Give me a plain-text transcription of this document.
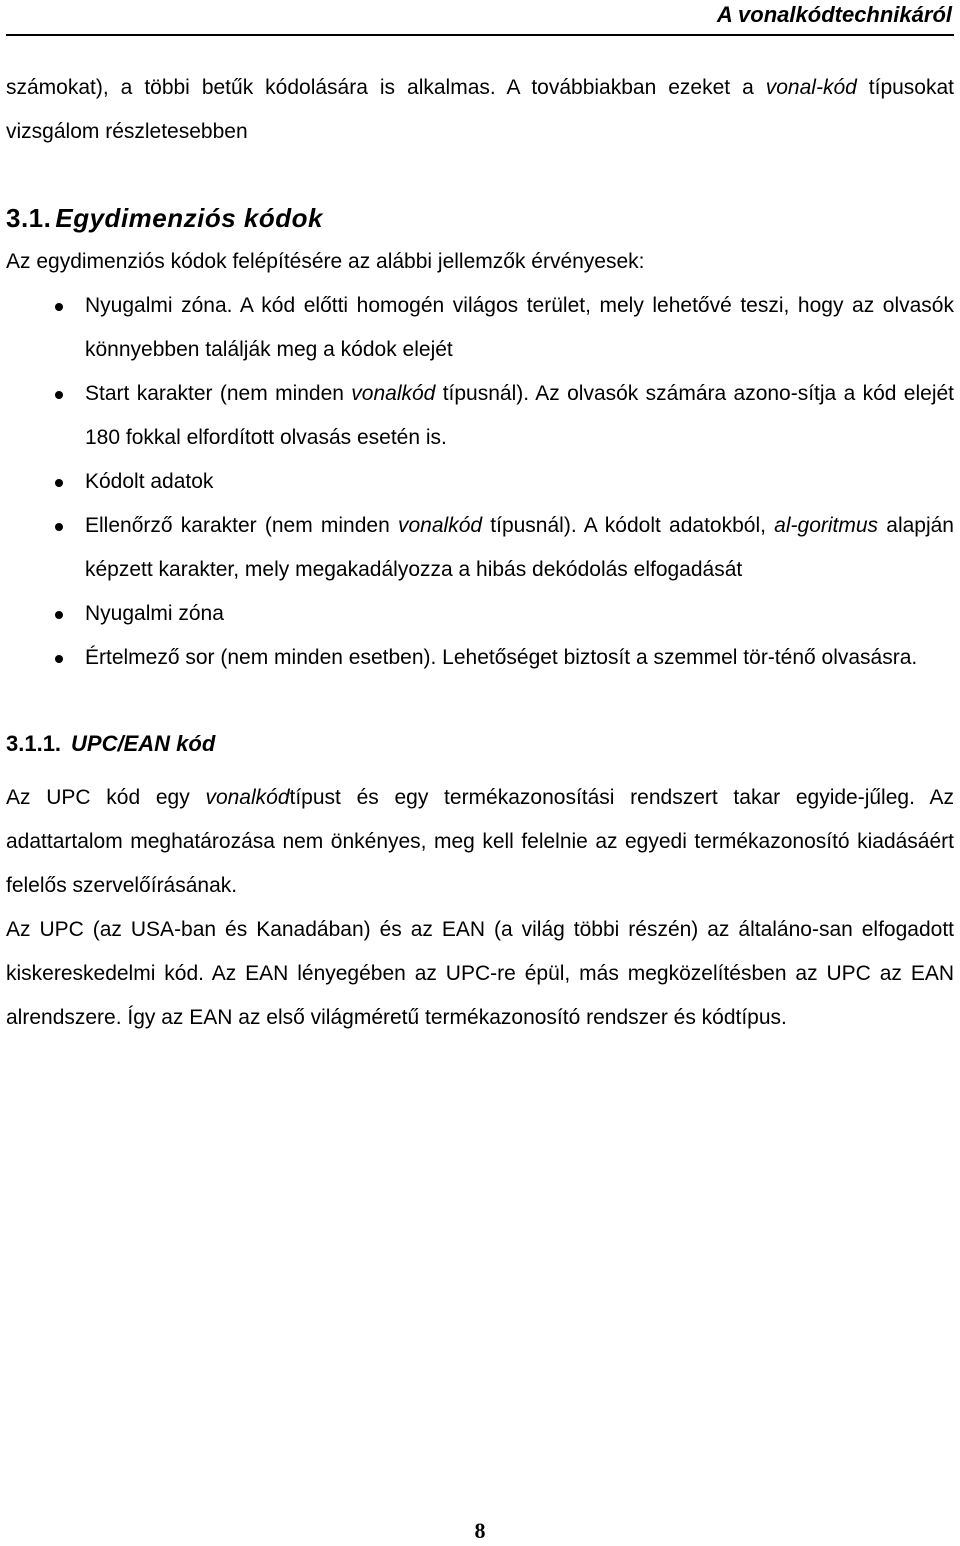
A vonalkódtechnikáról

számokat), a többi betűk kódolására is alkalmas. A továbbiakban ezeket a vonal-kód típusokat vizsgálom részletesebben

3.1. Egydimenziós kódok

Az egydimenziós kódok felépítésére az alábbi jellemzők érvényesek:

Nyugalmi zóna. A kód előtti homogén világos terület, mely lehetővé teszi, hogy az olvasók könnyebben találják meg a kódok elejét
Start karakter (nem minden vonalkód típusnál). Az olvasók számára azono-sítja a kód elejét 180 fokkal elfordított olvasás esetén is.
Kódolt adatok
Ellenőrző karakter (nem minden vonalkód típusnál). A kódolt adatokból, al-goritmus alapján képzett karakter, mely megakadályozza a hibás dekódolás elfogadását
Nyugalmi zóna
Értelmező sor (nem minden esetben). Lehetőséget biztosít a szemmel tör-ténő olvasásra.
3.1.1. UPC/EAN kód

Az UPC kód egy vonalkódtípust és egy termékazonosítási rendszert takar egyide-jűleg. Az adattartalom meghatározása nem önkényes, meg kell felelnie az egyedi termékazonosító kiadásáért felelős szervelőírásának.

Az UPC (az USA-ban és Kanadában) és az EAN (a világ többi részén) az általáno-san elfogadott kiskereskedelmi kód. Az EAN lényegében az UPC-re épül, más megközelítésben az UPC az EAN alrendszere. Így az EAN az első világméretű termékazonosító rendszer és kódtípus.

8
